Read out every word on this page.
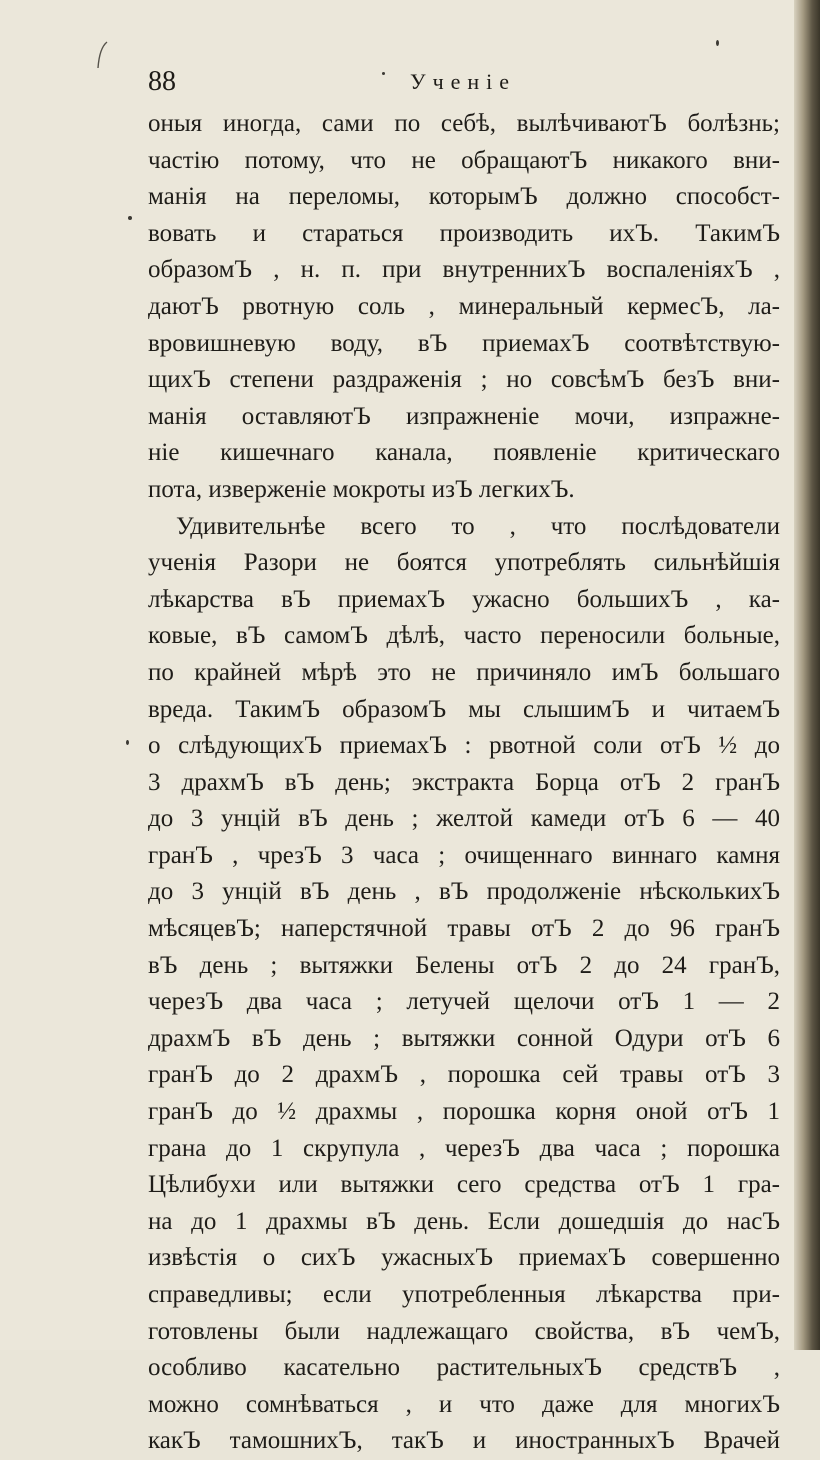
88	Ученіе
оныя иногда, сами по себѣ, вылѣчиваютЪ болѣзнь;
частію потому, что не обращаютЪ никакого вни-
манія на переломы, которымЪ должно способст-
вовать и стараться производить ихЪ. ТакимЪ
образомЪ , н. п. при внутреннихЪ воспаленіяхЪ ,
даютЪ рвотную соль , минеральный кермесЪ, ла-
вровишневую воду, вЪ приемахЪ соотвѣтствую-
щихЪ степени раздраженія ; но совсѣмЪ безЪ вни-
манія оставляютЪ изпражненіе мочи, изпражне-
ніе кишечнаго канала, появленіе критическаго
пота, изверженіе мокроты изЪ легкихЪ.
Удивительнѣе всего то , что послѣдователи
ученія Разори не боятся употреблять сильнѣйшія
лѣкарства вЪ приемахЪ ужасно большихЪ , ка-
ковые, вЪ самомЪ дѣлѣ, часто переносили больные,
по крайней мѣрѣ это не причиняло имЪ большаго
вреда. ТакимЪ образомЪ мы слышимЪ и читаемЪ
о слѣдующихЪ приемахЪ : рвотной соли отЪ ½ до
3 драхмЪ вЪ день; экстракта Борца отЪ 2 гранЪ
до 3 унцій вЪ день ; желтой камеди отЪ 6 — 40
гранЪ , чрезЪ 3 часа ; очищеннаго виннаго камня
до 3 унцій вЪ день , вЪ продолженіе нѣсколькихЪ
мѣсяцевЪ; наперстячной травы отЪ 2 до 96 гранЪ
вЪ день ; вытяжки Белены отЪ 2 до 24 гранЪ,
черезЪ два часа ; летучей щелочи отЪ 1 — 2
драхмЪ вЪ день ; вытяжки сонной Одури отЪ 6
гранЪ до 2 драхмЪ , порошка сей травы отЪ 3
гранЪ до ½ драхмы , порошка корня оной отЪ 1
грана до 1 скрупула , черезЪ два часа ; порошка
Цѣлибухи или вытяжки сего средства отЪ 1 гра-
на до 1 драхмы вЪ день. Если дошедшія до насЪ
извѣстія о сихЪ ужасныхЪ приемахЪ совершенно
справедливы; если употребленныя лѣкарства при-
готовлены были надлежащаго свойства, вЪ чемЪ,
особливо касательно растительныхЪ средствЪ ,
можно сомнѣваться , и что даже для многихЪ
какЪ тамошнихЪ, такЪ и иностранныхЪ Врачей
